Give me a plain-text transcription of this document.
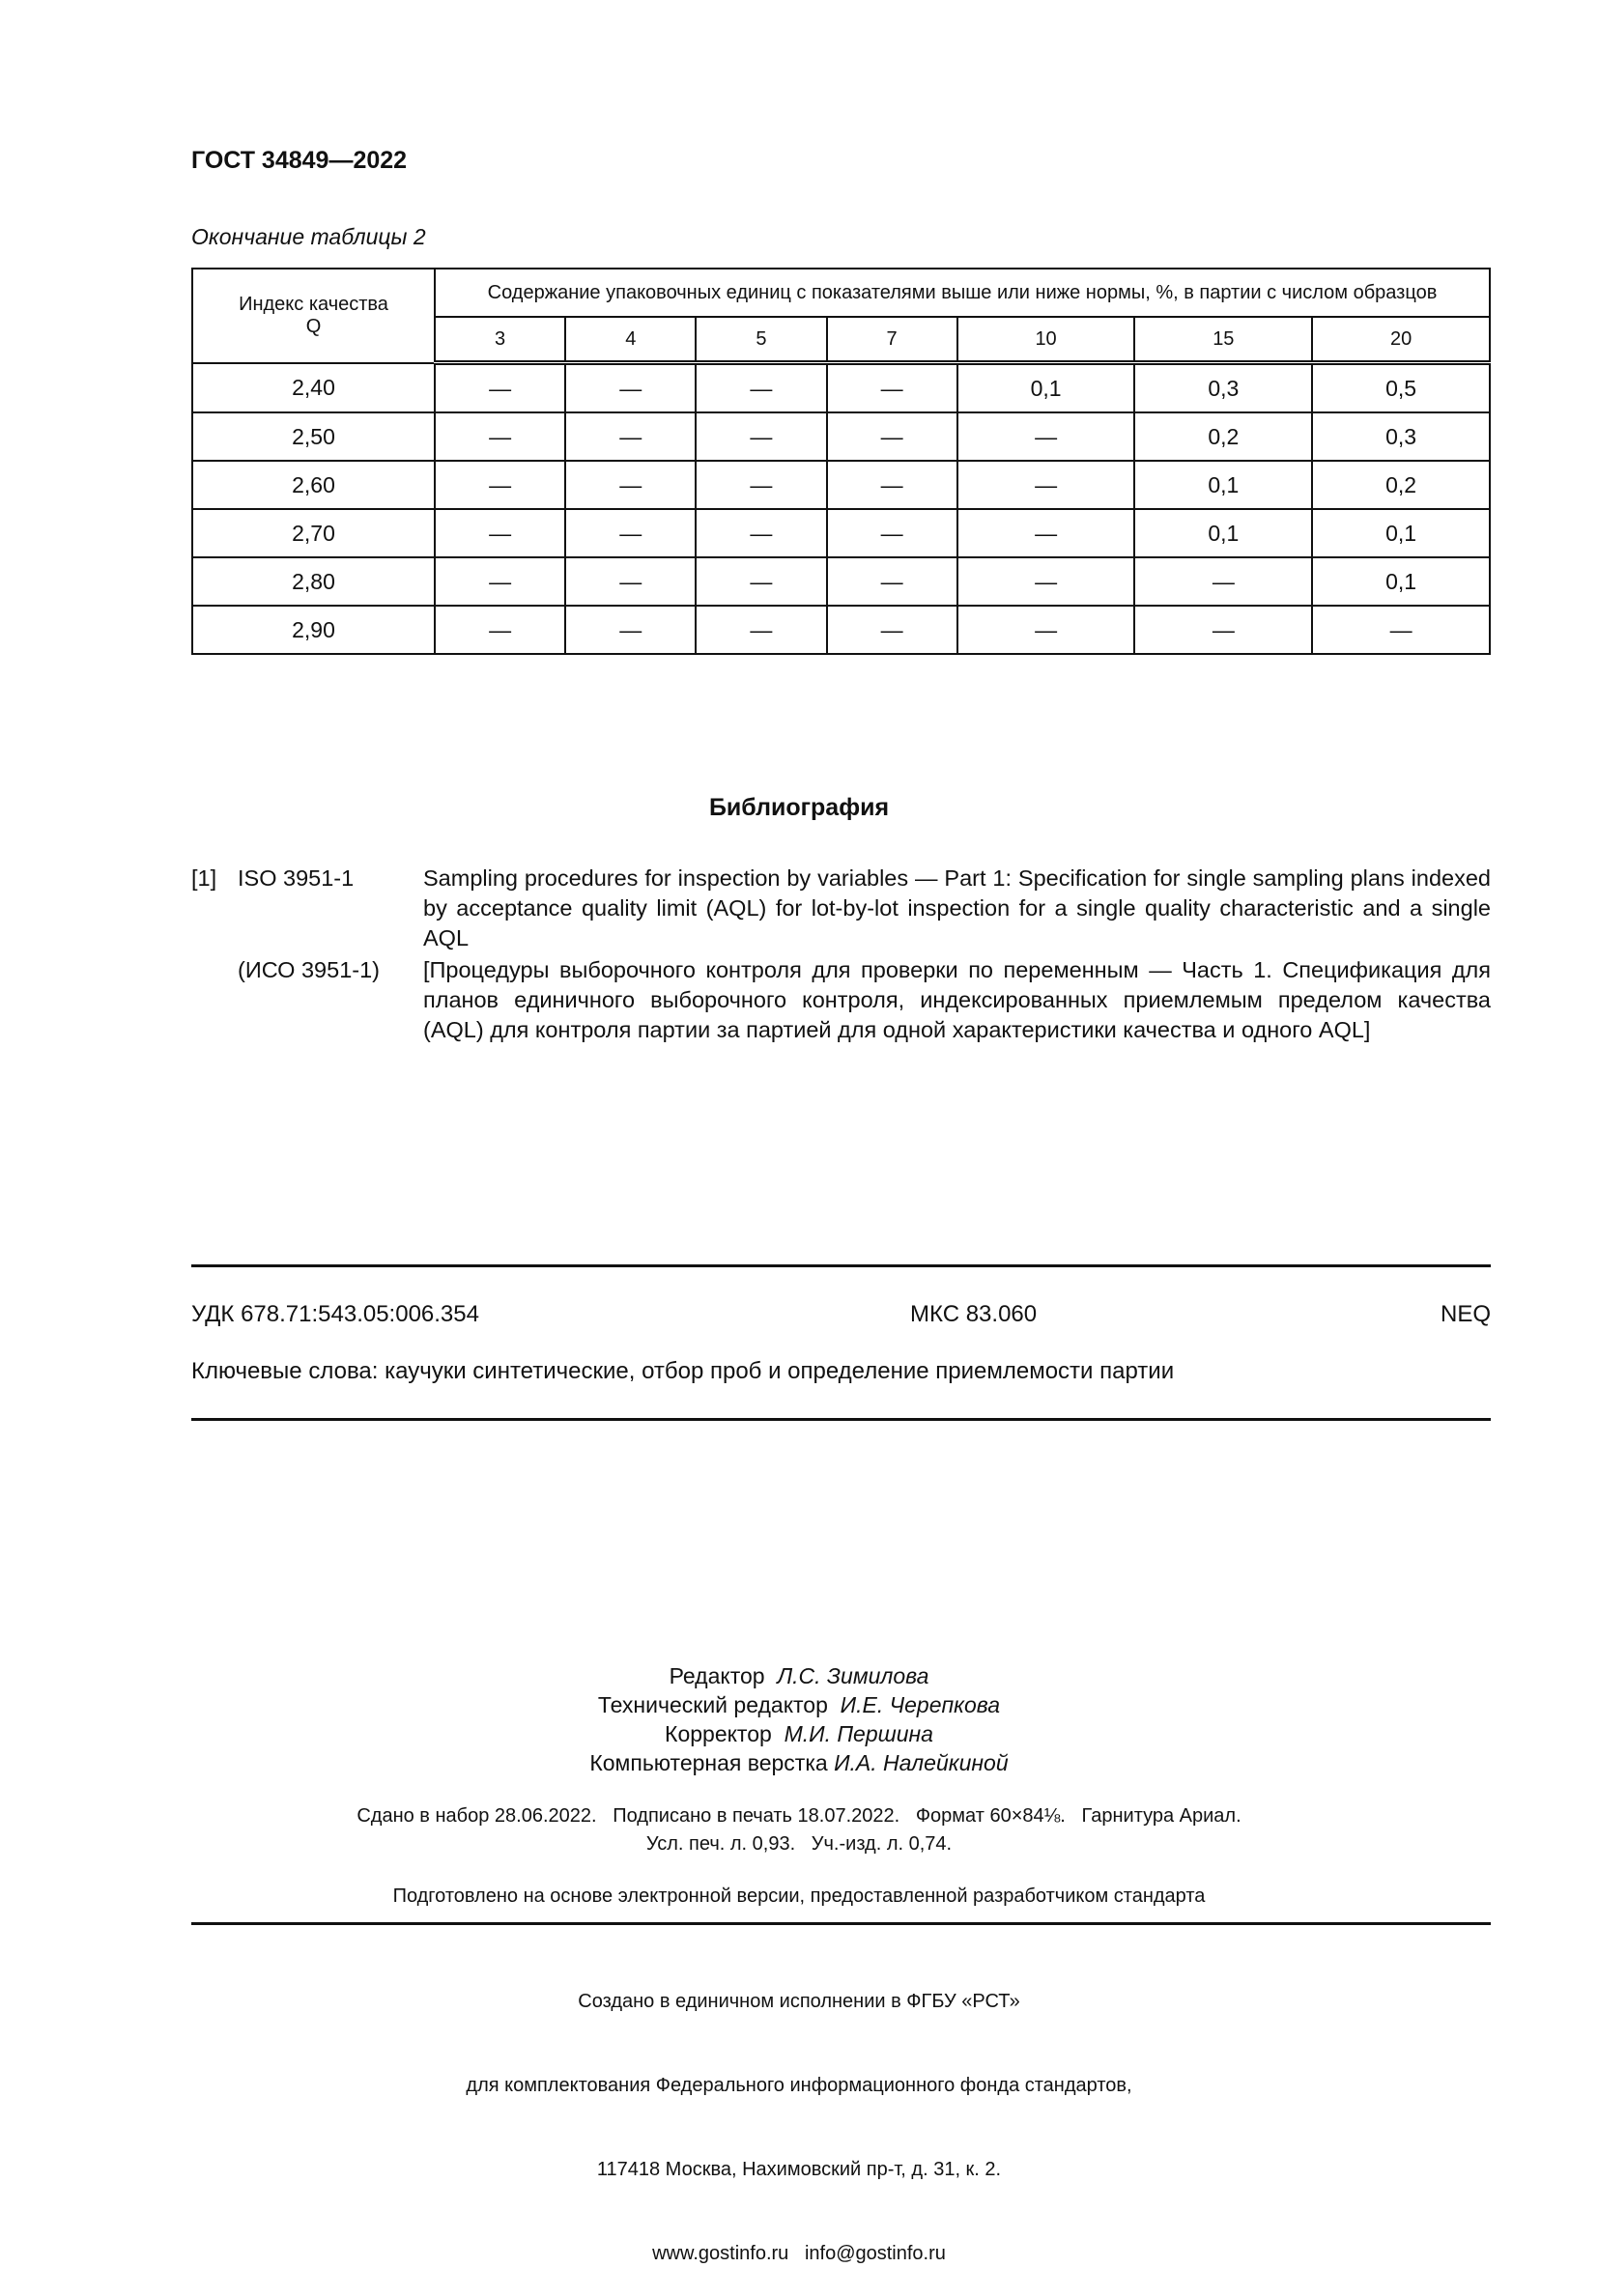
ГОСТ 34849—2022
Окончание таблицы 2
Индекс качества Q	Содержание упаковочных единиц с показателями выше или ниже нормы, %, в партии с числом образцов						
	3	4	5	7	10	15	20
2,40	—	—	—	—	0,1	0,3	0,5
2,50	—	—	—	—	—	0,2	0,3
2,60	—	—	—	—	—	0,1	0,2
2,70	—	—	—	—	—	0,1	0,1
2,80	—	—	—	—	—	—	0,1
2,90	—	—	—	—	—	—	—
Библиография
[1] ISO 3951-1	Sampling procedures for inspection by variables — Part 1: Specification for single sampling plans indexed by acceptance quality limit (AQL) for lot-by-lot inspection for a single quality characteristic and a single AQL
(ИСО 3951-1) [Процедуры выборочного контроля для проверки по переменным — Часть 1. Спецификация для планов единичного выборочного контроля, индексированных приемлемым пределом качества (AQL) для контроля партии за партией для одной характеристики качества и одного AQL]
УДК 678.71:543.05:006.354	МКС 83.060	NEQ
Ключевые слова: каучуки синтетические, отбор проб и определение приемлемости партии
Редактор Л.С. Зимилова
Технический редактор И.Е. Черепкова
Корректор М.И. Першина
Компьютерная верстка И.А. Налейкиной
Сдано в набор 28.06.2022.   Подписано в печать 18.07.2022.   Формат 60×84⅛.   Гарнитура Ариал.
Усл. печ. л. 0,93.   Уч.-изд. л. 0,74.
Подготовлено на основе электронной версии, предоставленной разработчиком стандарта

Создано в единичном исполнении в ФГБУ «РСТ»

для комплектования Федерального информационного фонда стандартов,

117418 Москва, Нахимовский пр-т, д. 31, к. 2.

www.gostinfo.ru   info@gostinfo.ru
